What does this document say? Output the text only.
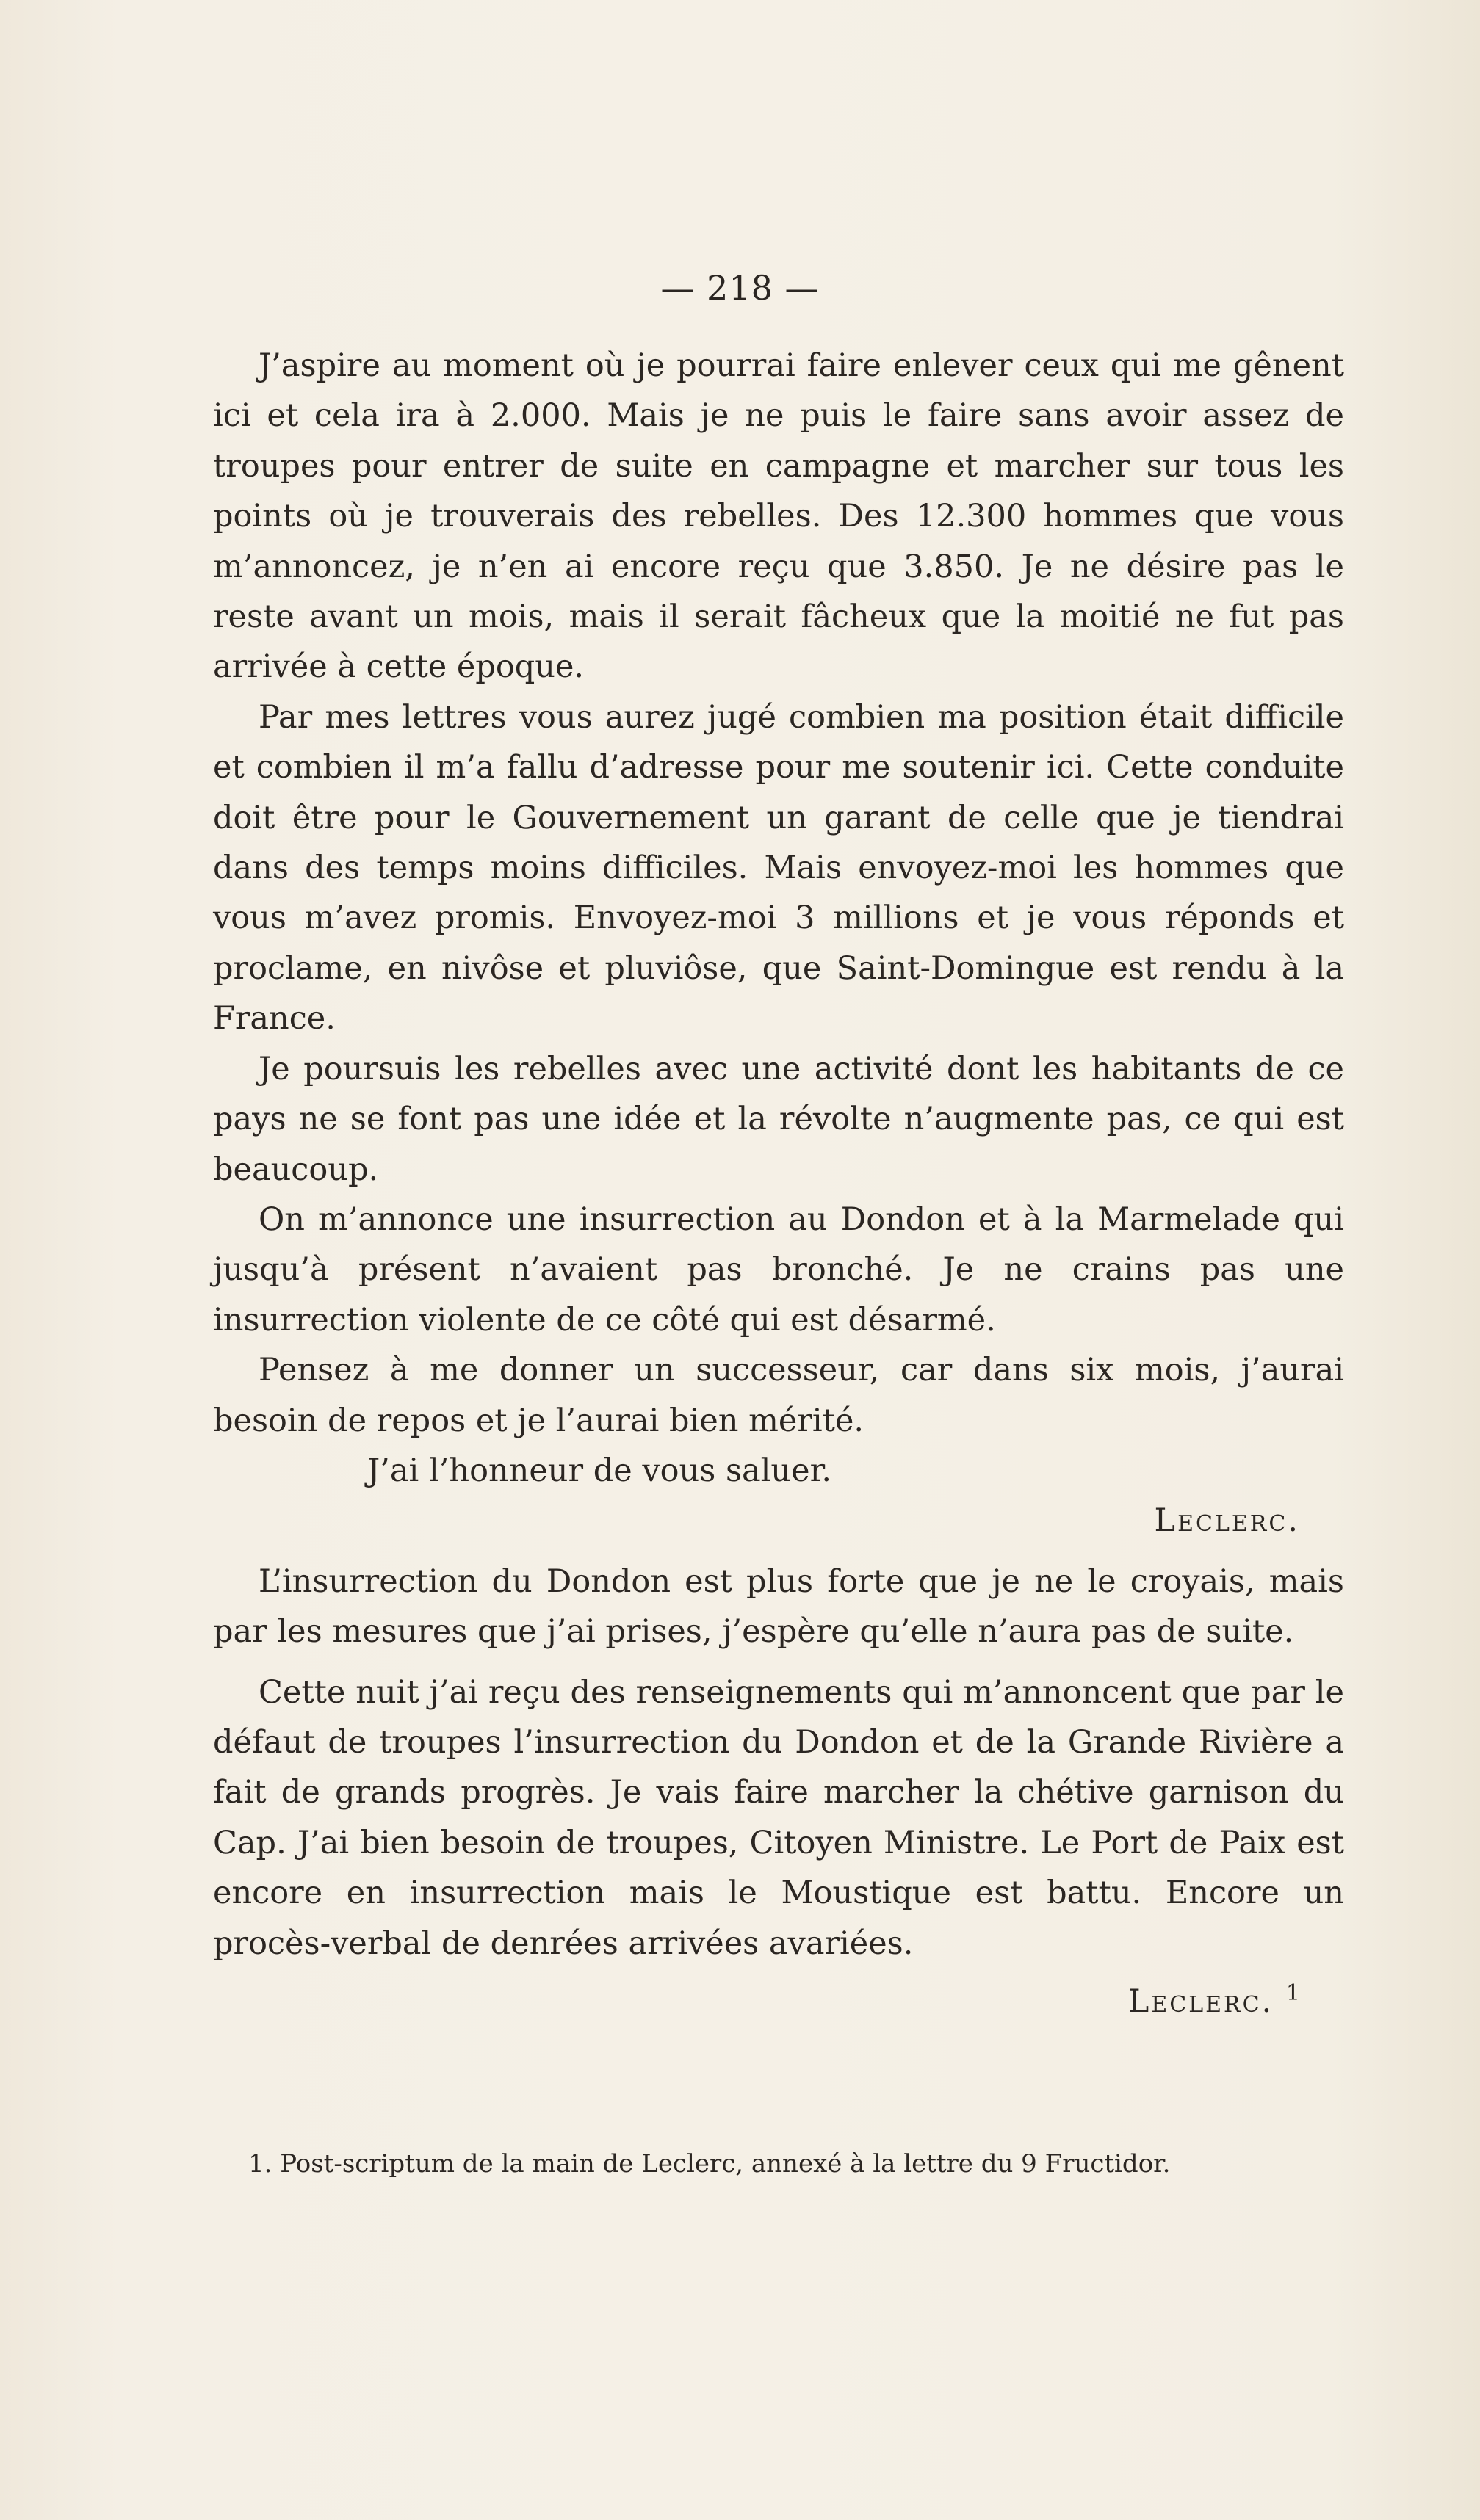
— 218 —

J’aspire au moment où je pourrai faire enlever ceux qui me gênent ici et cela ira à 2.000. Mais je ne puis le faire sans avoir assez de troupes pour entrer de suite en campagne et marcher sur tous les points où je trouverais des rebelles. Des 12.300 hommes que vous m’annoncez, je n’en ai encore reçu que 3.850. Je ne désire pas le reste avant un mois, mais il serait fâcheux que la moitié ne fut pas arrivée à cette époque.

Par mes lettres vous aurez jugé combien ma position était difficile et combien il m’a fallu d’adresse pour me soutenir ici. Cette conduite doit être pour le Gouvernement un garant de celle que je tiendrai dans des temps moins difficiles. Mais envoyez-moi les hommes que vous m’avez promis. Envoyez-moi 3 millions et je vous réponds et proclame, en nivôse et pluviôse, que Saint-Domingue est rendu à la France.

Je poursuis les rebelles avec une activité dont les habitants de ce pays ne se font pas une idée et la révolte n’augmente pas, ce qui est beaucoup.

On m’annonce une insurrection au Dondon et à la Marmelade qui jusqu’à présent n’avaient pas bronché. Je ne crains pas une insurrection violente de ce côté qui est désarmé.

Pensez à me donner un successeur, car dans six mois, j’aurai besoin de repos et je l’aurai bien mérité.

J’ai l’honneur de vous saluer.

Leclerc.

L’insurrection du Dondon est plus forte que je ne le croyais, mais par les mesures que j’ai prises, j’espère qu’elle n’aura pas de suite.

Cette nuit j’ai reçu des renseignements qui m’annoncent que par le défaut de troupes l’insurrection du Dondon et de la Grande Rivière a fait de grands progrès. Je vais faire marcher la chétive garnison du Cap. J’ai bien besoin de troupes, Citoyen Ministre. Le Port de Paix est encore en insurrection mais le Moustique est battu. Encore un procès-verbal de denrées arrivées avariées.

Leclerc. $^1$

1. Post-scriptum de la main de Leclerc, annexé à la lettre du 9 Fructidor.
